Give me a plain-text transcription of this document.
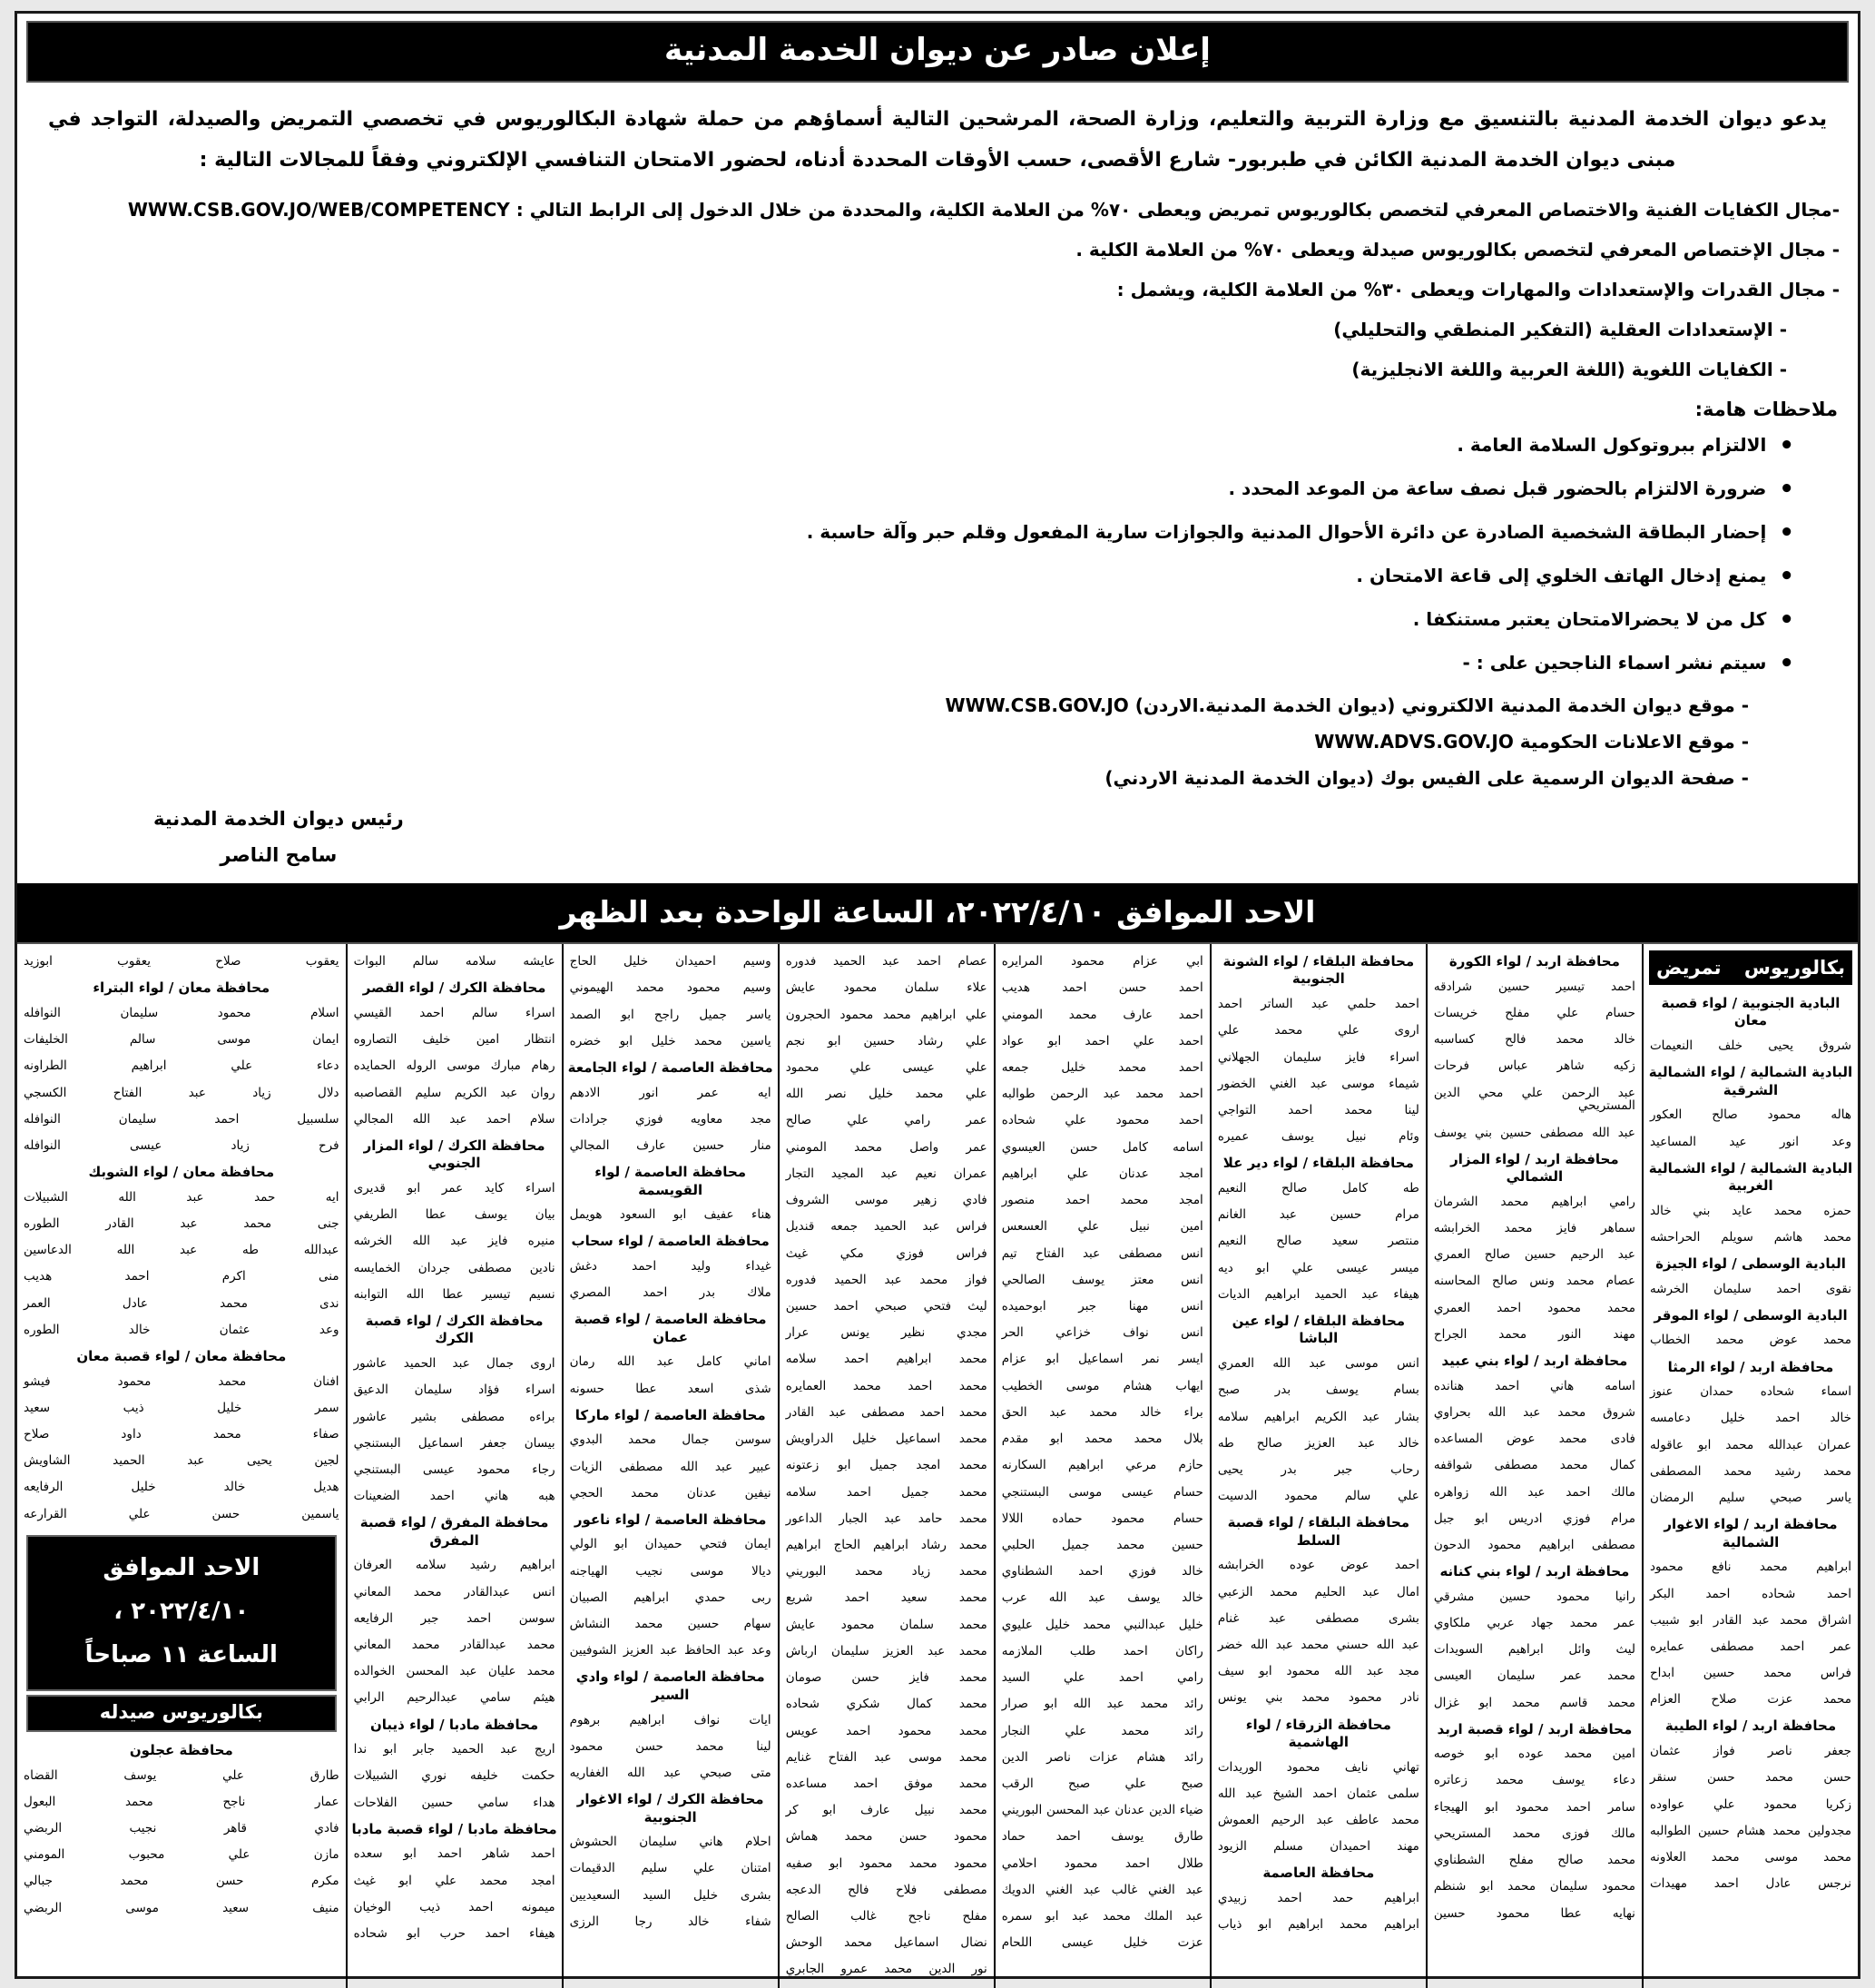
إعلان صادر عن ديوان الخدمة المدنية
يدعو ديوان الخدمة المدنية بالتنسيق مع وزارة التربية والتعليم، وزارة الصحة، المرشحين التالية أسماؤهم من حملة شهادة البكالوريوس في تخصصي التمريض والصيدلة، التواجد في مبنى ديوان الخدمة المدنية الكائن في طبربور- شارع الأقصى، حسب الأوقات المحددة أدناه، لحضور الامتحان التنافسي الإلكتروني وفقاً للمجالات التالية :
-مجال الكفايات الفنية والاختصاص المعرفي لتخصص بكالوريوس تمريض ويعطى ٧٠% من العلامة الكلية، والمحددة من خلال الدخول إلى الرابط التالي : WWW.CSB.GOV.JO/WEB/COMPETENCY
- مجال الإختصاص المعرفي لتخصص بكالوريوس صيدلة ويعطى ٧٠% من العلامة الكلية .
- مجال القدرات والإستعدادات والمهارات ويعطى ٣٠% من العلامة الكلية، ويشمل :
- الإستعدادات العقلية (التفكير المنطقي والتحليلي)
- الكفايات اللغوية (اللغة العربية واللغة الانجليزية)
ملاحظات هامة:
• الالتزام ببروتوكول السلامة العامة .
• ضرورة الالتزام بالحضور قبل نصف ساعة من الموعد المحدد .
• إحضار البطاقة الشخصية الصادرة عن دائرة الأحوال المدنية والجوازات سارية المفعول وقلم حبر وآلة حاسبة .
• يمنع إدخال الهاتف الخلوي إلى قاعة الامتحان .
• كل من لا يحضرالامتحان يعتبر مستنكفا .
• سيتم نشر اسماء الناجحين على : -
- موقع ديوان الخدمة المدنية الالكتروني (ديوان الخدمة المدنية.الاردن) WWW.CSB.GOV.JO
- موقع الاعلانات الحكومية WWW.ADVS.GOV.JO
- صفحة الديوان الرسمية على الفيس بوك (ديوان الخدمة المدنية الاردني)
رئيس ديوان الخدمة المدنية
سامح الناصر
الاحد الموافق ٢٠٢٢/٤/١٠، الساعة الواحدة بعد الظهر
بكالوريوس تمريض
البادية الجنوبية / لواء قصبة معان
شروق يحيى خلف النعيمات
البادية الشمالية / لواء الشمالية الشرقية
هاله محمود صالح العكور
وعد انور عيد المساعيد
البادية الشمالية / لواء الشمالية الغربية
حمزه محمد عايد بني خالد
محمد هاشم سويلم الحراحشه
البادية الوسطى / لواء الجيزة
نقوى احمد سليمان الخرشه
البادية الوسطى / لواء الموقر
محمد عوض محمد الخطاب
محافظة اربد / لواء الرمثا
اسماء شحاده حمدان عنوز
خالد احمد خليل دعامسه
عمران عبدالله محمد ابو عاقوله
محمد رشيد محمد المصطفى
ياسر صبحي سليم الرمضان
محافظة اربد / لواء الاغوار الشمالية
ابراهيم محمد نافع محمود
احمد شحاده احمد البكر
اشراق محمد عبد القادر ابو شبيب
عمر احمد مصطفى عمايره
فراس محمد حسين ابداح
محمد عزت صلاح العزام
محافظة اربد / لواء الطيبة
جعفر ناصر فواز عثمان
حسن محمد حسن سنقر
زكريا محمود علي عواوده
مجدولين محمد هشام حسين الطوالبه
محمد موسى محمد العلاونه
نرجس عادل احمد مهيدات
محافظة اربد / لواء الكورة
احمد تيسير حسين شرادقه
حسام علي مفلح خريسات
خالد محمد فالح كساسبه
زكيه شاهر عباس فرحات
عبد الرحمن علي محي الدين المستريحي
عبد الله مصطفى حسين بني يوسف
محافظة اربد / لواء المزار الشمالي
رامي ابراهيم محمد الشرمان
سماهر فايز محمد الخرابشه
عبد الرحيم حسين صالح العمري
عصام محمد ونس صالح المحاسنه
محمد محمود احمد العمري
مهند النور محمد الجراح
محافظة اربد / لواء بني عبيد
اسامه هاني احمد هنانده
شروق محمد عبد الله بحراوي
فادى محمد عوض المساعده
كمال محمد مصطفى شواقفه
مالك احمد عبد الله زواهره
مرام فوزي ادريس ابو جبل
مصطفى ابراهيم محمود الدحون
محافظة اربد / لواء بني كنانه
رانيا محمود حسين مشرقي
عمر محمد جهاد عربي ملكاوي
ليث وائل ابراهيم السويدات
محمد عمر سليمان العيسى
محمد قاسم محمد ابو غزال
محافظة اربد / لواء قصبة اربد
امين محمد عوده ابو خوصه
دعاء يوسف محمد زعاتره
سامر احمد محمود ابو الهيجاء
مالك فوزى محمد المستريحي
محمد صالح مفلح الشطناوي
محمود سليمان محمد ابو شنظم
نهايه عطا محمود حسين
محافظة البلقاء / لواء الشونة الجنوبية
احمد حلمي عبد الساتر احمد
اروى علي محمد علي
اسراء فايز سليمان الجهلاني
شيماء موسى عبد الغني الخضور
لينا محمد احمد التواجي
وئام نبيل يوسف عميره
محافظة البلقاء / لواء دير علا
طه كامل صالح النعيم
مرام حسين عبد الغانم
منتصر سعيد صالح النعيم
ميسر عيسى علي ابو ديه
هيفاء عبد الحميد ابراهيم الديات
محافظة البلقاء / لواء عين الباشا
انس موسى عبد الله العمري
بسام يوسف بدر صبح
بشار عبد الكريم ابراهيم سلامه
خالد عبد العزيز صالح طه
رحاب جبر بدر يحيى
علي سالم محمود الدسيت
محافظة البلقاء / لواء قصبة السلط
احمد عوض عوده الخرابشه
امال عبد الحليم محمد الزعبي
بشرى مصطفى عبد غنام
عبد الله حسني محمد عبد الله خضر
مجد عبد الله محمود ابو سيف
نادر محمود محمد بني يونس
محافظة الزرقاء / لواء الهاشمية
تهاني نايف محمود الوريدات
سلمى عثمان احمد الشيخ عبد الله
محمد عاطف عبد الرحيم العموش
مهند احميدان مسلم الزيود
محافظة العاصمة
ابراهيم حمد احمد زبيدي
ابراهيم محمد ابراهيم ابو ذياب
ابي عزام محمود المرايره
احمد حسن احمد هديب
احمد عارف محمد المومني
احمد علي احمد ابو عواد
احمد محمد خليل جمعه
احمد محمد عبد الرحمن طوالبه
احمد محمود علي شحاده
اسامه كامل حسن العيسوي
امجد عدنان علي ابراهيم
امجد محمد احمد منصور
امين نبيل علي العسعس
انس مصطفى عبد الفتاح تيم
انس معتز يوسف الصالحي
انس مهنا جبر ابوحميده
انس نواف خزاعي الحر
ايسر نمر اسماعيل ابو عزام
ايهاب هشام موسى الخطيب
براء خالد محمد عبد الحق
بلال محمد محمد ابو مقدم
حازم مرعي ابراهيم السكارنه
حسام عيسى موسى البستنجي
حسام محمود حماده اللالا
حسين محمد جميل الحلبي
خالد فوزي احمد الشطناوي
خالد يوسف عبد الله عرب
خليل عبدالنبي محمد خليل عليوي
راكان احمد طلب الملازمه
رامي احمد علي السيد
رائد محمد عبد الله ابو صرار
رائد محمد علي النجار
رائد هشام عزات ناصر الدين
صبح علي صبح الرقب
ضياء الدين عدنان عبد المحسن البوريني
طارق يوسف احمد حماد
طلال احمد محمود احلامي
عبد الغني غالب عبد الغني الدويك
عبد الملك محمد عبد ابو سمره
عزت خليل عيسى اللحام
عصام احمد عبد الحميد فدوره
علاء سلمان محمود عايش
علي ابراهيم محمد محمود الحجرون
علي رشاد حسين ابو نجم
علي عيسى علي محمود
علي محمد خليل نصر الله
عمر رامي علي صالح
عمر واصل محمد المومني
عمران نعيم عبد المجيد التجار
فادي زهير موسى الشروف
فراس عبد الحميد جمعه قنديل
فراس فوزي مكي غيث
فواز محمد عبد الحميد فدوره
ليث فتحي صبحي احمد حسين
مجدي نظير يونس عرار
محمد ابراهيم احمد سلامه
محمد احمد محمد العمايره
محمد احمد مصطفى عبد القادر
محمد اسماعيل خليل الدراويش
محمد امجد جميل ابو زعتونه
محمد جميل احمد سلامه
محمد حامد عبد الجبار الداعور
محمد رشاد ابراهيم الحاج ابراهيم
محمد زياد محمد البوريني
محمد سعيد احمد شريع
محمد سلمان محمود عايش
محمد عبد العزيز سليمان ارباش
محمد فايز حسن صومان
محمد كمال شكري شحاده
محمد محمود احمد عويس
محمد موسى عبد الفتاح غنايم
محمد موفق احمد مساعده
محمد نبيل عارف ابو كر
محمود حسن محمد هماش
محمود محمد محمود ابو صفيه
مصطفى فلاح فالح الدعجه
مفلح ناجح غالب الصالح
نضال اسماعيل محمد الوحش
نور الدين محمد عمرو الجابري
وسيم احميدان خليل الحاج
وسيم محمود محمد الهيموني
ياسر جميل راجح ابو الصمد
ياسين محمد خليل ابو خضره
محافظة العاصمة / لواء الجامعة
ايه عمر انور الادهم
مجد معاويه فوزي جرادات
منار حسين عارف المجالي
محافظة العاصمة / لواء القويسمة
هناء عفيف ابو السعود هويمل
محافظة العاصمة / لواء سحاب
غيداء وليد احمد دغش
ملاك بدر احمد المصري
محافظة العاصمة / لواء قصبة عمان
اماني كامل عبد الله رمان
شذى اسعد عطا حسونه
محافظة العاصمة / لواء ماركا
سوسن جمال محمد البدوي
عبير عبد الله مصطفى الزيات
نيفين عدنان محمد الحجي
محافظة العاصمة / لواء ناعور
ايمان فتحي حميدان ابو الولي
ديالا موسى نجيب الهياجنه
ربى حمدي ابراهيم الصبيان
سهام حسين محمد النشاش
وعد عبد الحافظ عبد العزيز الشوفيين
محافظة العاصمة / لواء وادي السير
ايات نواف ابراهيم برهوم
لينا محمد حسن محمود
متى صبحي عبد الله الغفاريه
محافظة الكرك / لواء الاغوار الجنوبية
احلام هاني سليمان الحشوش
امتنان علي سليم الدقيمات
بشرى خليل السيد السعيديين
شفاء خالد رجا الرزى
عايشه سلامه سالم البوات
محافظة الكرك / لواء القصر
اسراء سالم احمد القيسي
انتظار امين خليف التصاروه
رهام مبارك موسى الروله الحمايده
روان عبد الكريم سليم القصاصبه
سلام احمد عبد الله المجالي
محافظة الكرك / لواء المزار الجنوبي
اسراء كايد عمر ابو قديرى
بيان يوسف عطا الطريفي
منيره فايز عبد الله الخرشه
نادين مصطفى جردان الخمايسه
نسيم تيسير عطا الله التوابنه
محافظة الكرك / لواء قصبة الكرك
اروى جمال عبد الحميد عاشور
اسراء فؤاد سليمان الدعيق
براءه مصطفى بشير عاشور
بيسان جعفر اسماعيل البستنجي
رجاء محمود عيسى البستنجي
هبه هاني احمد الضعينات
محافظة المفرق / لواء قصبة المفرق
ابراهيم رشيد سلامه العرفان
انس عبدالقادر محمد المعاني
سوسن احمد جبر الرفايعه
محمد عبدالقادر محمد المعاني
محمد عليان عبد المحسن الخوالده
هيثم سامي عبدالرحيم الرابي
محافظة مادبا / لواء ذيبان
اريج عبد الحميد جابر ابو ندا
حكمت خليفه نوري الشبيلات
هداء سامي حسين الفلاحات
محافظة مادبا / لواء قصبة مادبا
احمد شاهر احمد ابو سعده
امجد محمد علي ابو غيث
ميمونه احمد ذيب الوخيان
هيفاء احمد حرب ابو شحاده
يعقوب صلاح يعقوب ابوزيد
محافظة معان / لواء البتراء
اسلام محمود سليمان النوافله
ايمان موسى سالم الخليفات
دعاء علي ابراهيم الطراونه
دلال زياد عبد الفتاح الكسجي
سلسبيل احمد سليمان النوافله
فرح زياد عيسى النوافله
محافظة معان / لواء الشوبك
ايه حمد عبد الله الشبيلات
جنى محمد عبد القادر الطوره
عبدالله طه عبد الله الدعاسين
منى اكرم احمد هديب
ندى محمد عادل العمر
وعد عثمان خالد الطوره
محافظة معان / لواء قصبة معان
افنان محمد محمود فيشو
سمر خليل ذيب سعيد
صفاء محمد داود صلاح
لجين يحيى عبد الحميد الشاويش
هديل خالد خليل الرفايعه
ياسمين حسن علي القرارعه
الاحد الموافق
٢٠٢٢/٤/١٠ ،
الساعة ١١ صباحاً
بكالوريوس صيدله
محافظة عجلون
طارق علي يوسف القضاه
عمار ناجح محمد البعول
فادي قاهر نجيب الربضي
مازن علي محبوب المومني
مكرم حسن محمد جبالي
منيف سعيد موسى الربضي
